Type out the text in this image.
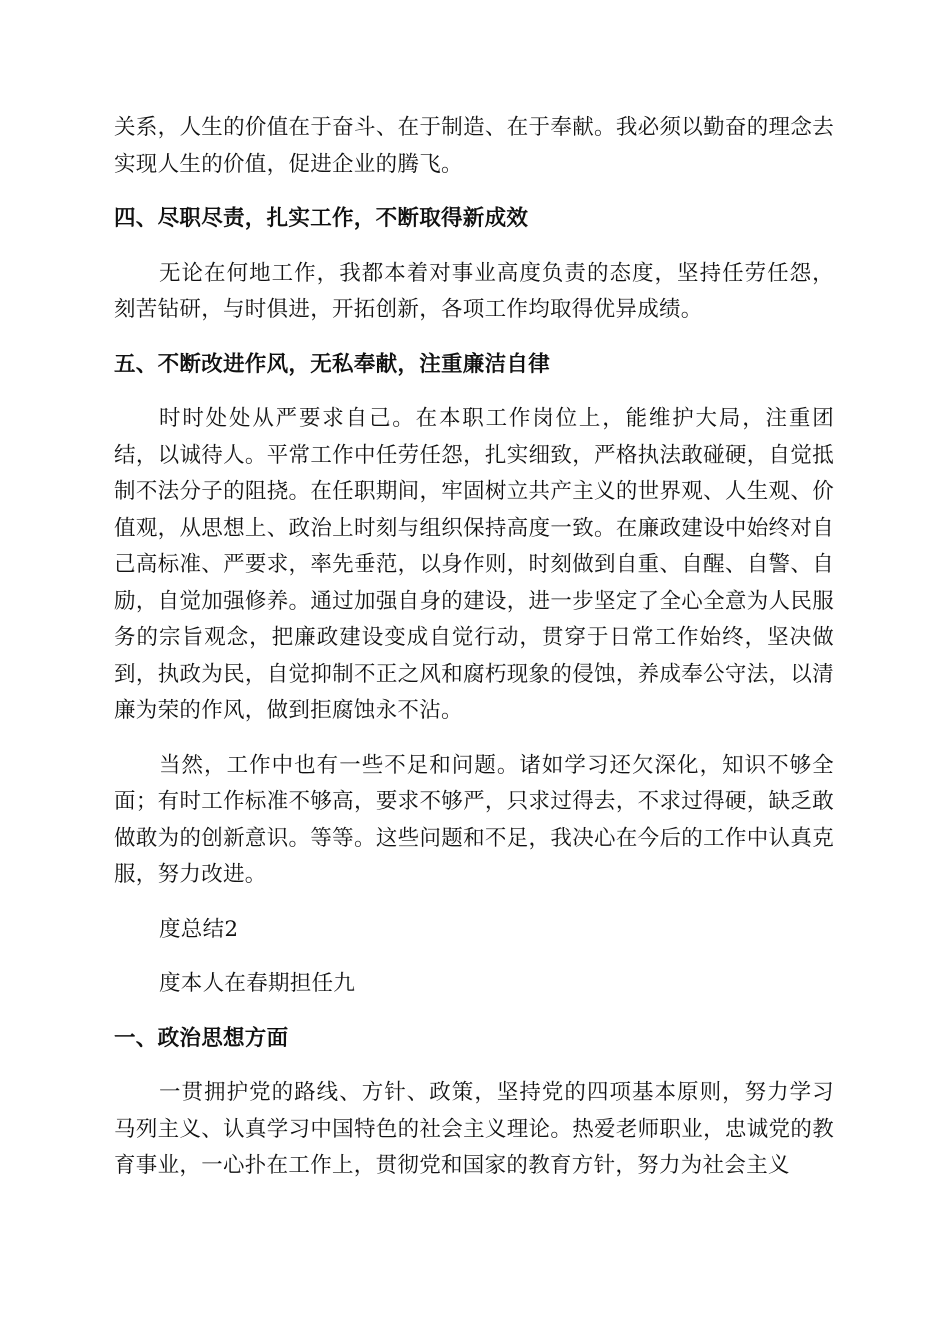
关系，人生的价值在于奋斗、在于制造、在于奉献。我必须以勤奋的理念去实现人生的价值，促进企业的腾飞。

四、尽职尽责，扎实工作，不断取得新成效

无论在何地工作，我都本着对事业高度负责的态度，坚持任劳任怨，刻苦钻研，与时俱进，开拓创新，各项工作均取得优异成绩。

五、不断改进作风，无私奉献，注重廉洁自律

时时处处从严要求自己。在本职工作岗位上，能维护大局，注重团结，以诚待人。平常工作中任劳任怨，扎实细致，严格执法敢碰硬，自觉抵制不法分子的阻挠。在任职期间，牢固树立共产主义的世界观、人生观、价值观，从思想上、政治上时刻与组织保持高度一致。在廉政建设中始终对自己高标准、严要求，率先垂范，以身作则，时刻做到自重、自醒、自警、自励，自觉加强修养。通过加强自身的建设，进一步坚定了全心全意为人民服务的宗旨观念，把廉政建设变成自觉行动，贯穿于日常工作始终，坚决做到，执政为民，自觉抑制不正之风和腐朽现象的侵蚀，养成奉公守法，以清廉为荣的作风，做到拒腐蚀永不沾。

当然，工作中也有一些不足和问题。诸如学习还欠深化，知识不够全面；有时工作标准不够高，要求不够严，只求过得去，不求过得硬，缺乏敢做敢为的创新意识。等等。这些问题和不足，我决心在今后的工作中认真克服，努力改进。

度总结2

度本人在春期担任九

一、政治思想方面

一贯拥护党的路线、方针、政策，坚持党的四项基本原则，努力学习马列主义、认真学习中国特色的社会主义理论。热爱老师职业，忠诚党的教育事业，一心扑在工作上，贯彻党和国家的教育方针，努力为社会主义
